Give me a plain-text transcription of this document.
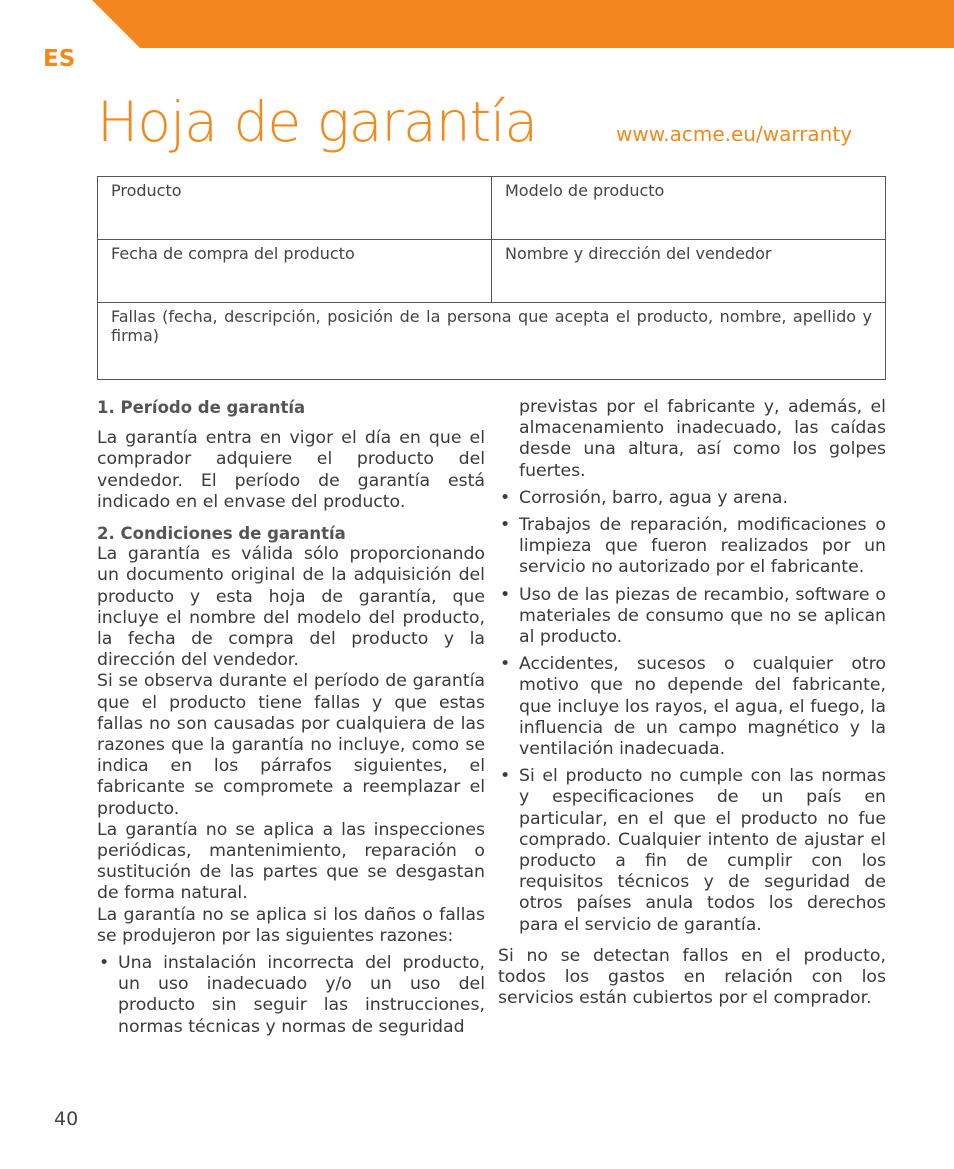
ES
Hoja de garantía	www.acme.eu/warranty
Producto	Modelo de producto
Fecha de compra del producto	Nombre y dirección del vendedor
Fallas (fecha, descripción, posición de la persona que acepta el producto, nombre, apellido y firma)	

1. Período de garantía

La garantía entra en vigor el día en que el comprador adquiere el producto del vendedor. El período de garantía está indicado en el envase del producto.

2. Condiciones de garantía

La garantía es válida sólo proporcionando un documento original de la adquisición del producto y esta hoja de garantía, que incluye el nombre del modelo del producto, la fecha de compra del producto y la dirección del vendedor.

Si se observa durante el período de garantía que el producto tiene fallas y que estas fallas no son causadas por cualquiera de las razones que la garantía no incluye, como se indica en los párrafos siguientes, el fabricante se compromete a reemplazar el producto.

La garantía no se aplica a las inspecciones periódicas, mantenimiento, reparación o sustitución de las partes que se desgastan de forma natural.

La garantía no se aplica si los daños o fallas se produjeron por las siguientes razones:

• Una instalación incorrecta del producto, un uso inadecuado y/o un uso del producto sin seguir las instrucciones, normas técnicas y normas de seguridad

previstas por el fabricante y, además, el almacenamiento inadecuado, las caídas desde una altura, así como los golpes fuertes.

• Corrosión, barro, agua y arena.

• Trabajos de reparación, modificaciones o limpieza que fueron realizados por un servicio no autorizado por el fabricante.

• Uso de las piezas de recambio, software o materiales de consumo que no se aplican al producto.

• Accidentes, sucesos o cualquier otro motivo que no depende del fabricante, que incluye los rayos, el agua, el fuego, la influencia de un campo magnético y la ventilación inadecuada.

• Si el producto no cumple con las normas y especificaciones de un país en particular, en el que el producto no fue comprado. Cualquier intento de ajustar el producto a fin de cumplir con los requisitos técnicos y de seguridad de otros países anula todos los derechos para el servicio de garantía.

Si no se detectan fallos en el producto, todos los gastos en relación con los servicios están cubiertos por el comprador.

40
